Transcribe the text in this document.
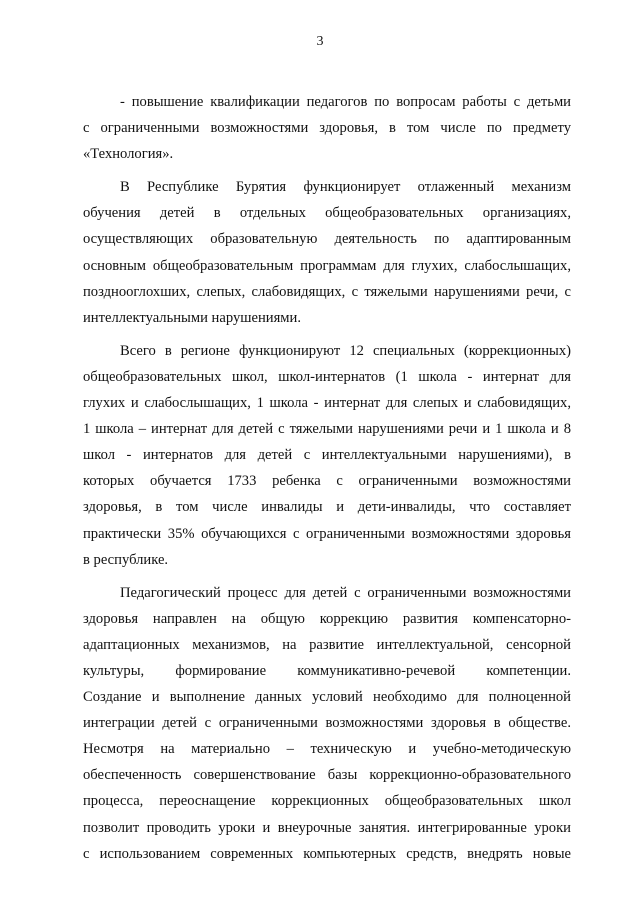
3
- повышение квалификации педагогов по вопросам работы с детьми
с ограниченными возможностями здоровья, в том числе по предмету
«Технология».
В Республике Бурятия функционирует отлаженный механизм
обучения детей в отдельных общеобразовательных организациях,
осуществляющих образовательную деятельность по адаптированным
основным общеобразовательным программам для глухих, слабослышащих,
позднооглохших, слепых, слабовидящих, с тяжелыми нарушениями речи, с
интеллектуальными нарушениями.
Всего в регионе функционируют 12 специальных (коррекционных)
общеобразовательных школ, школ-интернатов (1 школа - интернат для
глухих и слабослышащих, 1 школа - интернат для слепых и слабовидящих,
1 школа – интернат для детей с тяжелыми нарушениями речи и 1 школа и 8
школ - интернатов для детей с интеллектуальными нарушениями), в
которых обучается 1733 ребенка с ограниченными возможностями
здоровья, в том числе инвалиды и дети-инвалиды, что составляет
практически 35% обучающихся с ограниченными возможностями здоровья
в республике.
Педагогический процесс для детей с ограниченными возможностями
здоровья направлен на общую коррекцию развития компенсаторно-
адаптационных механизмов, на развитие интеллектуальной, сенсорной
культуры, формирование коммуникативно-речевой компетенции.
Создание и выполнение данных условий необходимо для полноценной
интеграции детей с ограниченными возможностями здоровья в обществе.
Несмотря на материально – техническую и учебно-методическую
обеспеченность совершенствование базы коррекционно-образовательного
процесса, переоснащение коррекционных общеобразовательных школ
позволит проводить уроки и внеурочные занятия. интегрированные уроки
с использованием современных компьютерных средств, внедрять новые
